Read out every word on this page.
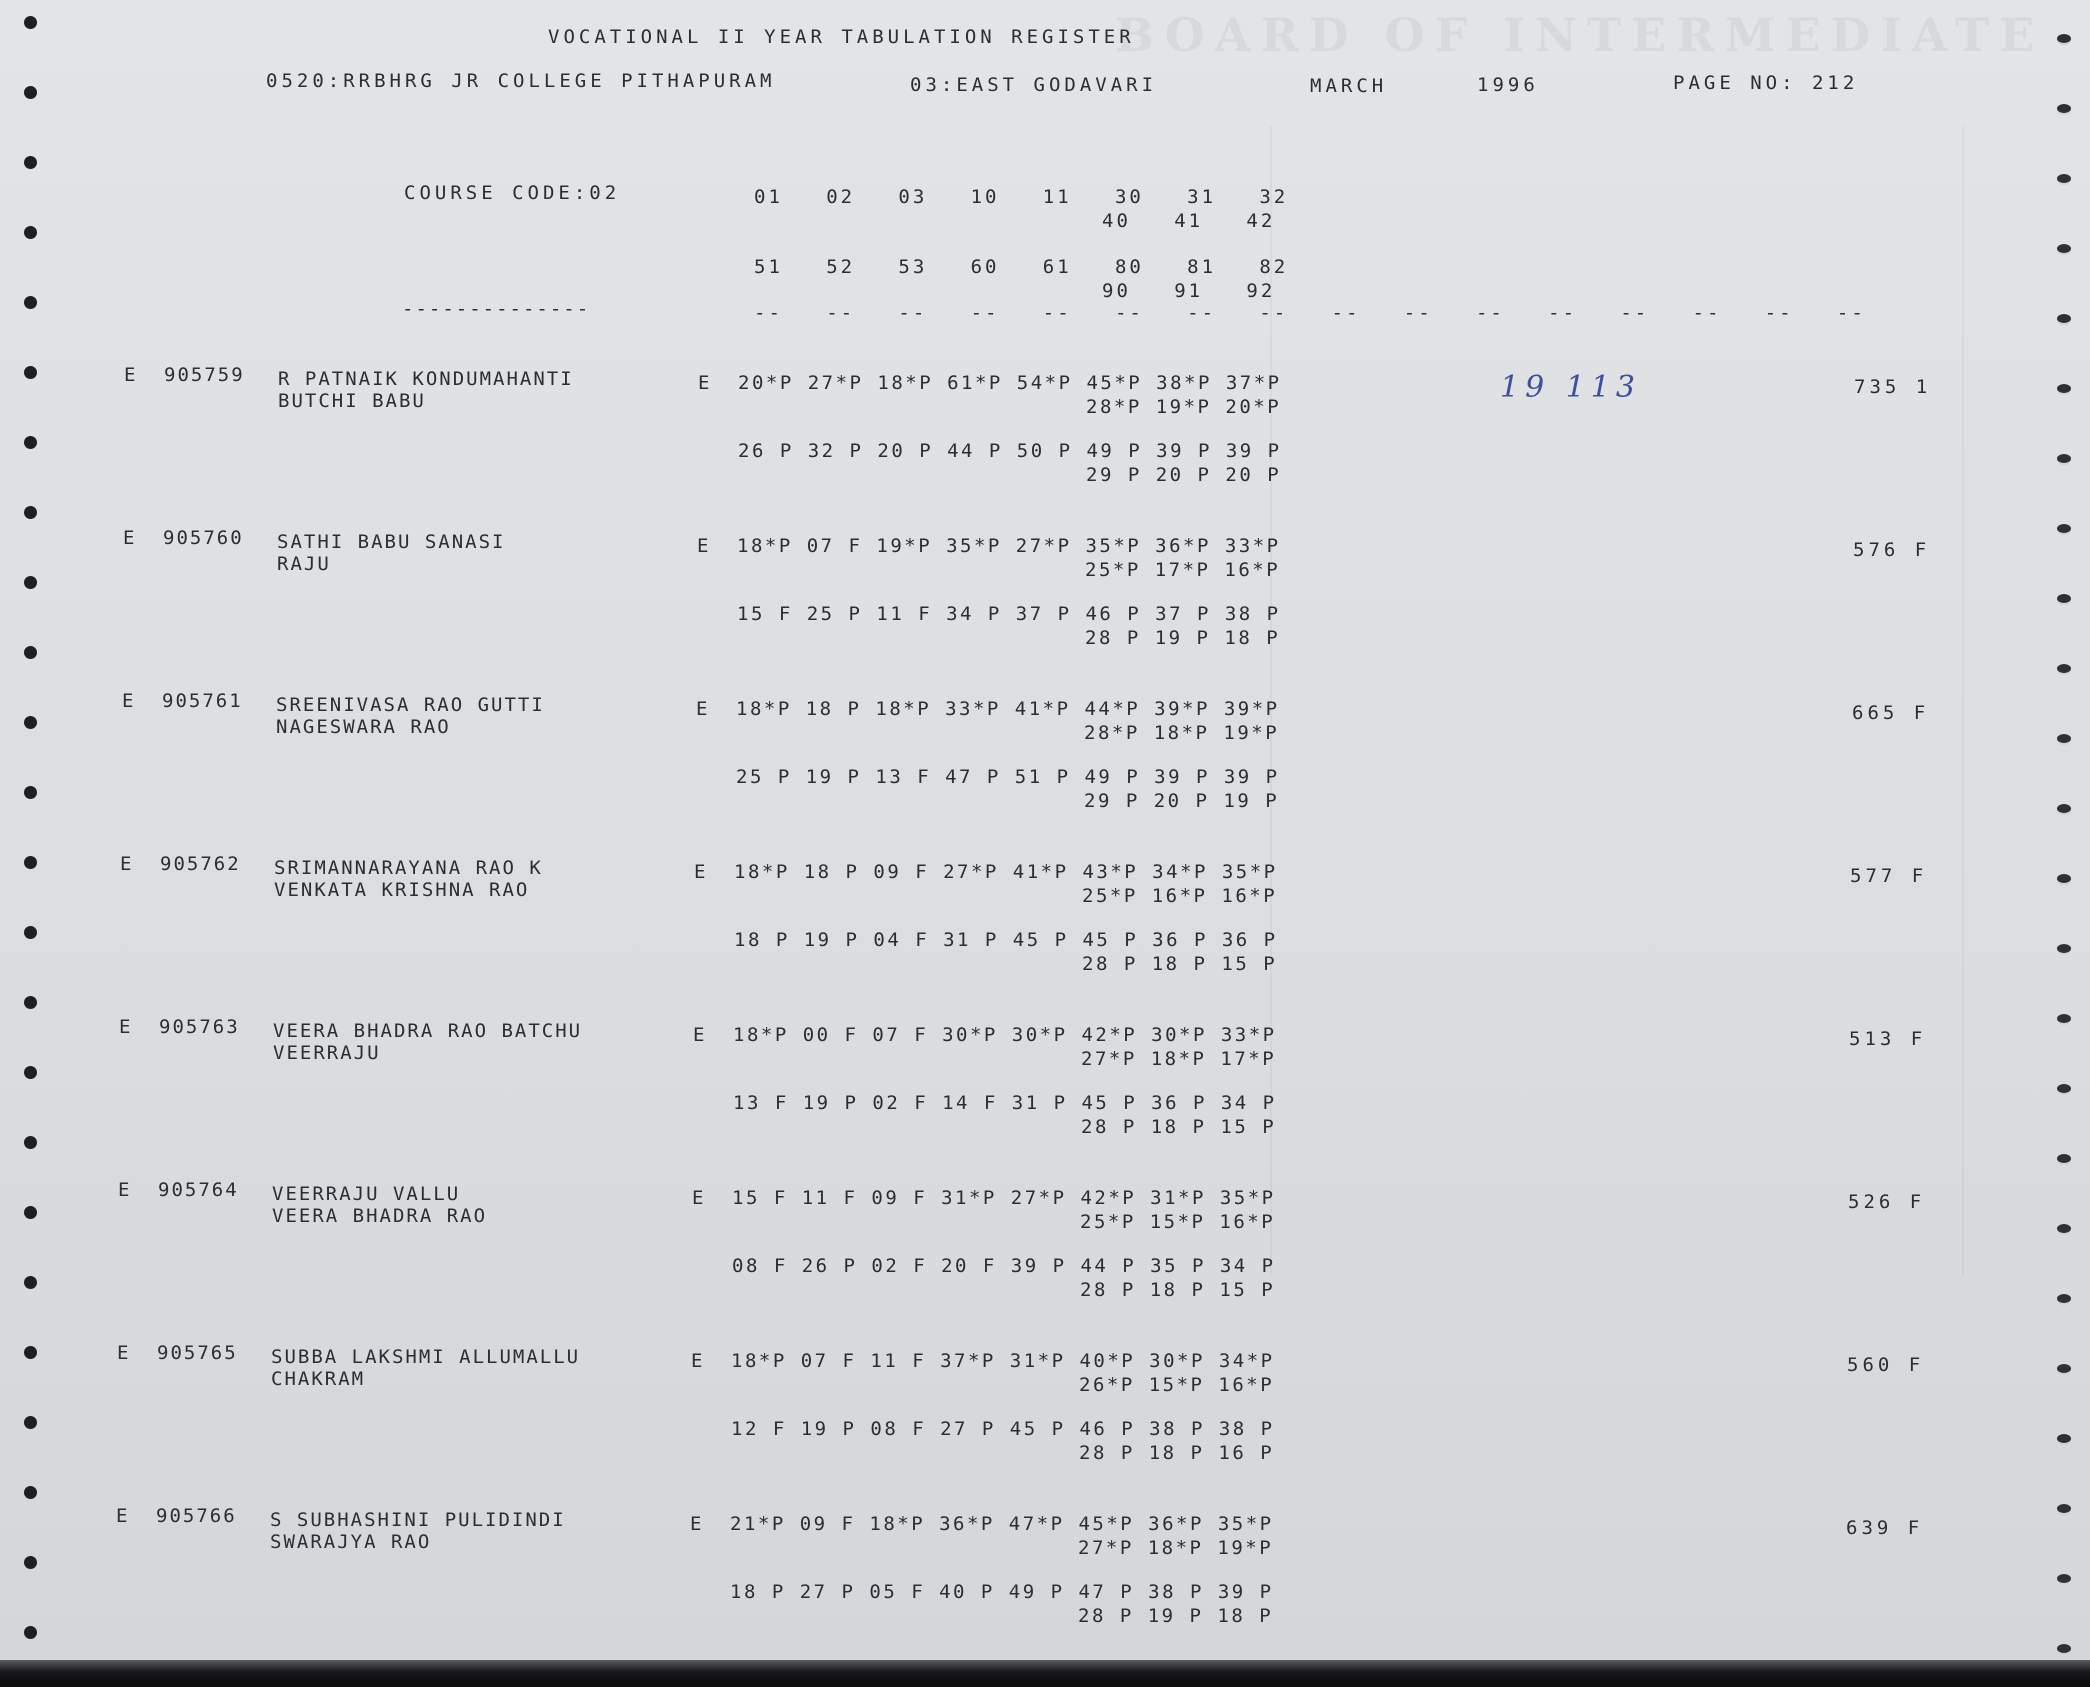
VOCATIONAL II YEAR TABULATION REGISTER
0520:RRBHRG JR COLLEGE PITHAPURAM	03:EAST GODAVARI	MARCH	1996	PAGE NO: 212
COURSE CODE:02	01   02   03   10   11   30   31   32
40   41   42
51   52   53   60   61   80   81   82
90   91   92
--------------	--   --   --   --   --   --   --   --   --   --   --   --   --   --   --   --
19 113
E 905759 R PATNAIK KONDUMAHANTI
BUTCHI BABU
E 20*P 27*P 18*P 61*P 54*P 45*P 38*P 37*P
28*P 19*P 20*P
26 P 32 P 20 P 44 P 50 P 49 P 39 P 39 P
29 P 20 P 20 P
735 1
E 905760 SATHI BABU SANASI
RAJU
E 18*P 07 F 19*P 35*P 27*P 35*P 36*P 33*P
25*P 17*P 16*P
15 F 25 P 11 F 34 P 37 P 46 P 37 P 38 P
28 P 19 P 18 P
576 F
E 905761 SREENIVASA RAO GUTTI
NAGESWARA RAO
E 18*P 18 P 18*P 33*P 41*P 44*P 39*P 39*P
28*P 18*P 19*P
25 P 19 P 13 F 47 P 51 P 49 P 39 P 39 P
29 P 20 P 19 P
665 F
E 905762 SRIMANNARAYANA RAO K
VENKATA KRISHNA RAO
E 18*P 18 P 09 F 27*P 41*P 43*P 34*P 35*P
25*P 16*P 16*P
18 P 19 P 04 F 31 P 45 P 45 P 36 P 36 P
28 P 18 P 15 P
577 F
E 905763 VEERA BHADRA RAO BATCHU
VEERRAJU
E 18*P 00 F 07 F 30*P 30*P 42*P 30*P 33*P
27*P 18*P 17*P
13 F 19 P 02 F 14 F 31 P 45 P 36 P 34 P
28 P 18 P 15 P
513 F
E 905764 VEERRAJU VALLU
VEERA BHADRA RAO
E 15 F 11 F 09 F 31*P 27*P 42*P 31*P 35*P
25*P 15*P 16*P
08 F 26 P 02 F 20 F 39 P 44 P 35 P 34 P
28 P 18 P 15 P
526 F
E 905765 SUBBA LAKSHMI ALLUMALLU
CHAKRAM
E 18*P 07 F 11 F 37*P 31*P 40*P 30*P 34*P
26*P 15*P 16*P
12 F 19 P 08 F 27 P 45 P 46 P 38 P 38 P
28 P 18 P 16 P
560 F
E 905766 S SUBHASHINI PULIDINDI
SWARAJYA RAO
E 21*P 09 F 18*P 36*P 47*P 45*P 36*P 35*P
27*P 18*P 19*P
18 P 27 P 05 F 40 P 49 P 47 P 38 P 39 P
28 P 19 P 18 P
639 F
